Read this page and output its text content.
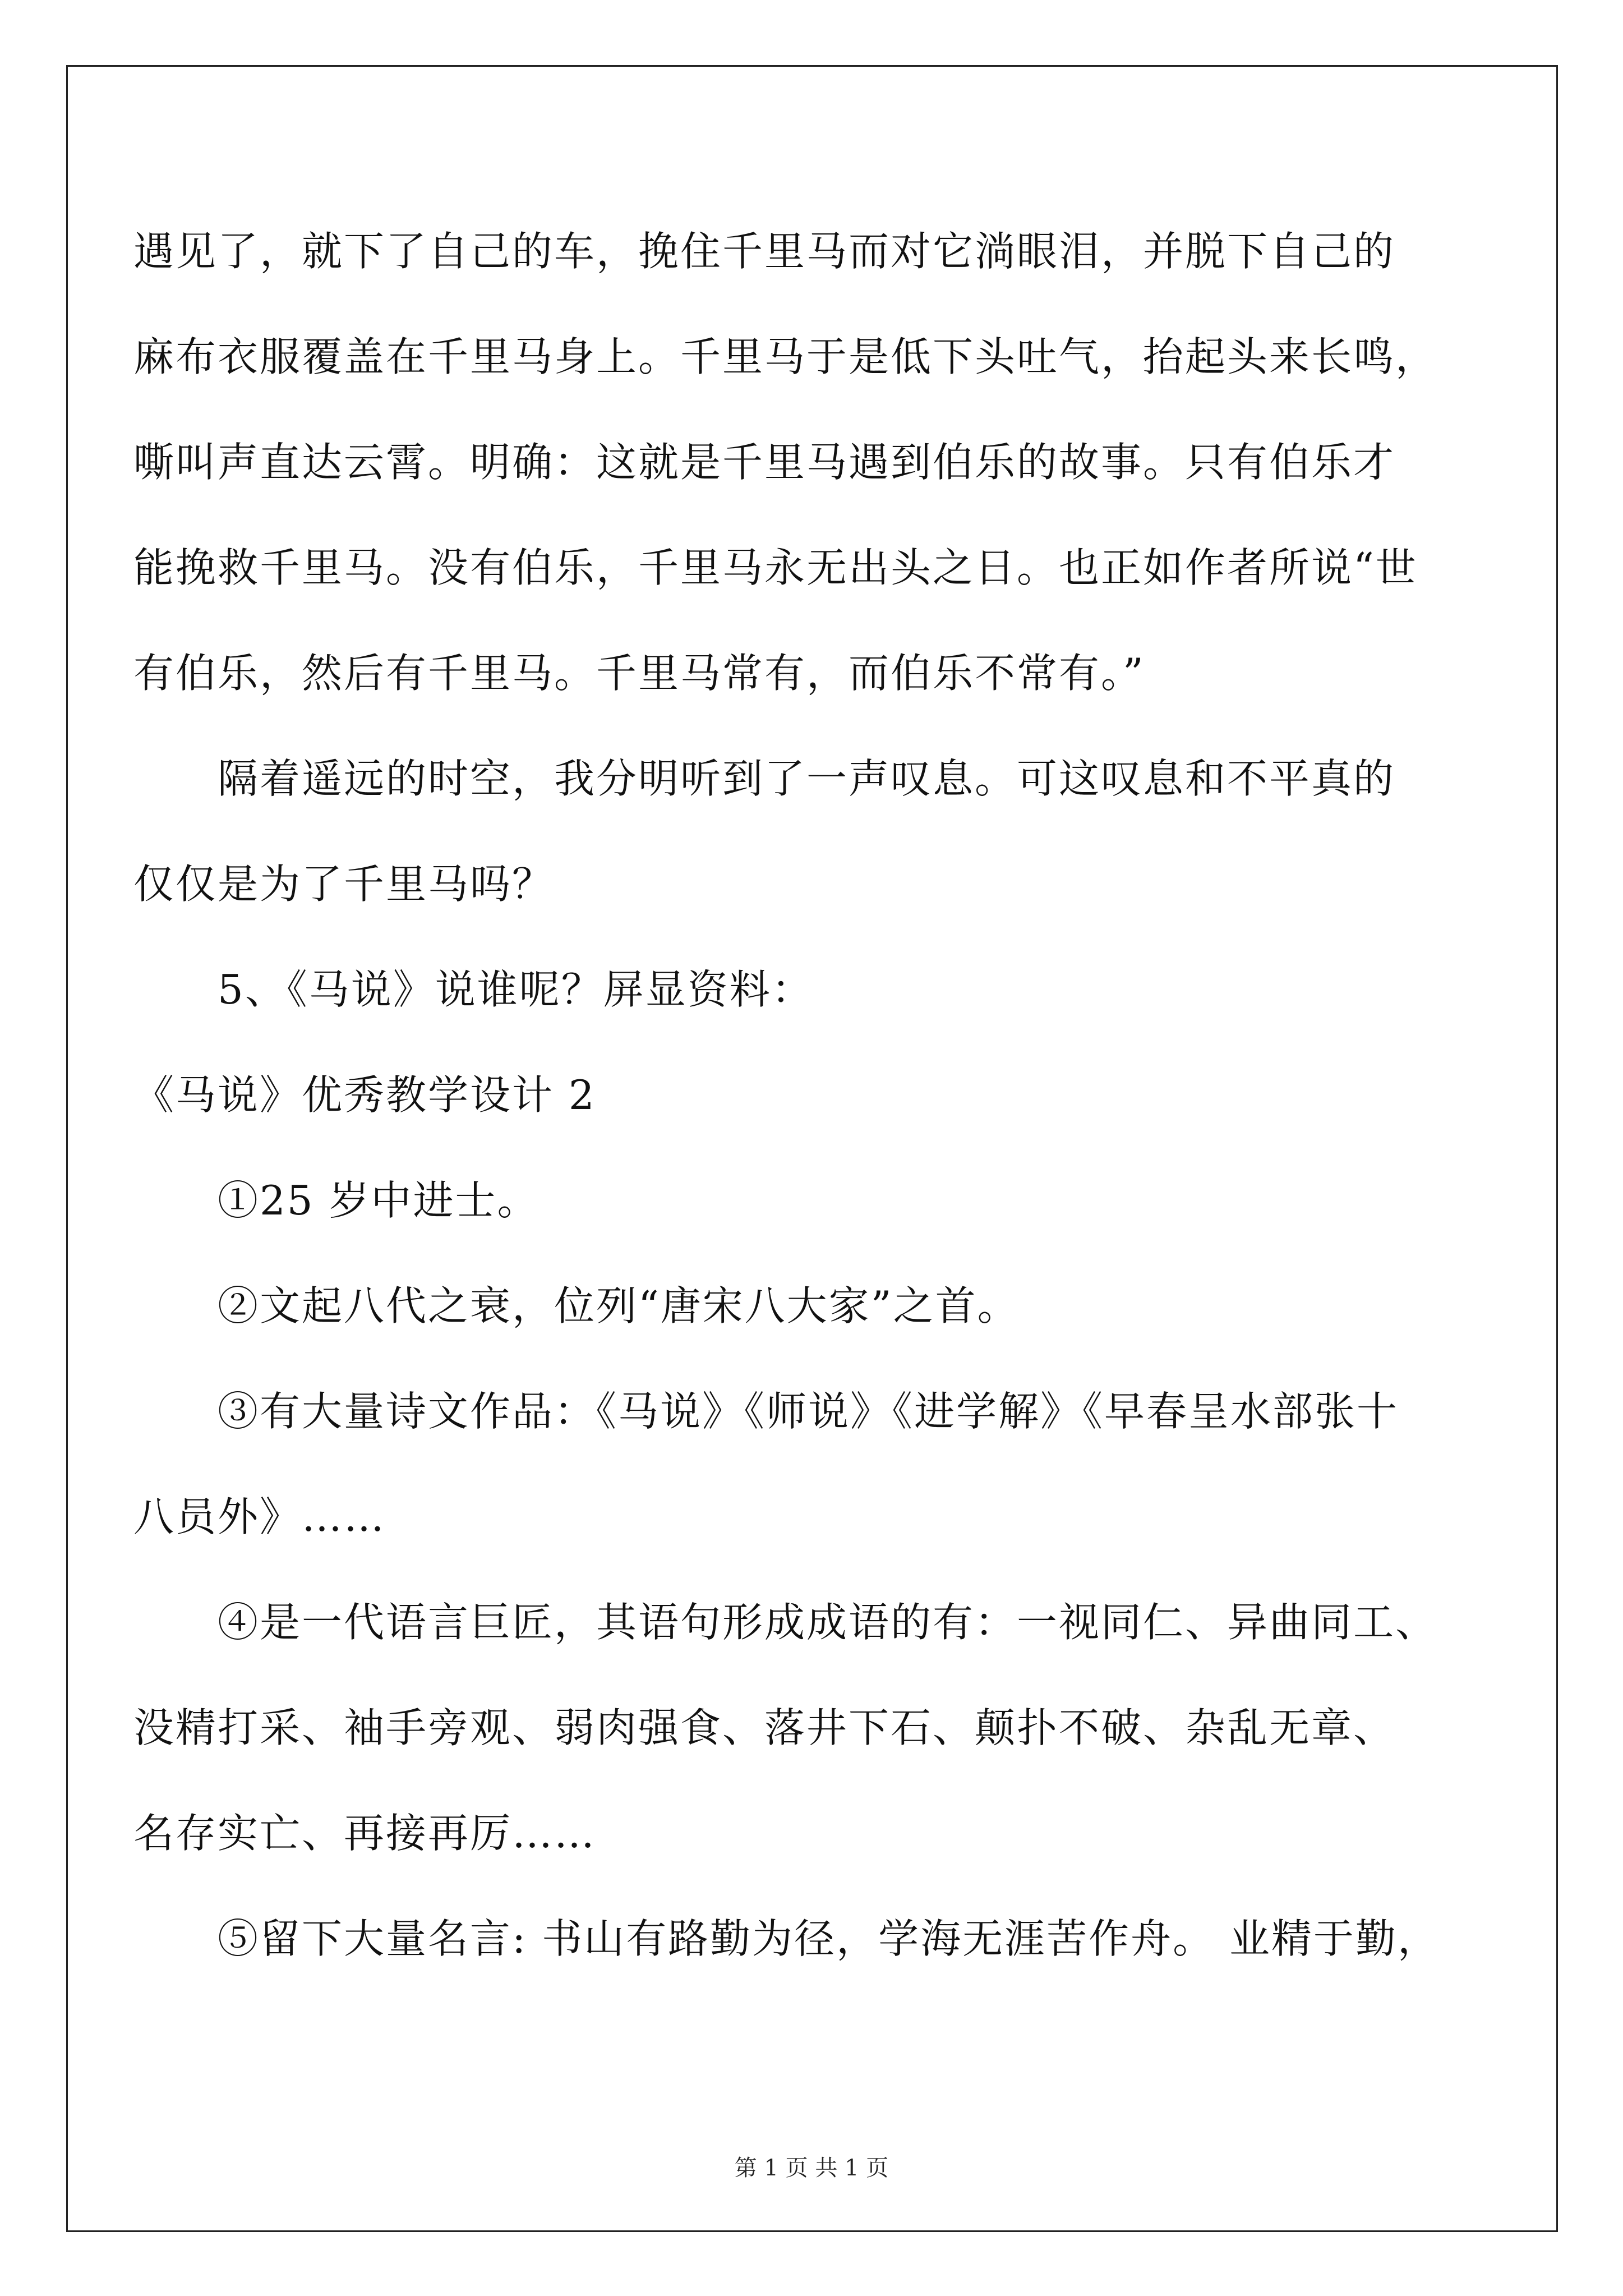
遇见了，就下了自己的车，挽住千里马而对它淌眼泪，并脱下自己的
麻布衣服覆盖在千里马身上。千里马于是低下头吐气，抬起头来长鸣，
嘶叫声直达云霄。明确：这就是千里马遇到伯乐的故事。只有伯乐才
能挽救千里马。没有伯乐，千里马永无出头之日。也正如作者所说“世
有伯乐，然后有千里马。千里马常有，而伯乐不常有。”
隔着遥远的时空，我分明听到了一声叹息。可这叹息和不平真的
仅仅是为了千里马吗？
5、《马说》说谁呢？屏显资料：
《马说》优秀教学设计 2
①25 岁中进士。
②文起八代之衰，位列“唐宋八大家”之首。
③有大量诗文作品：《马说》《师说》《进学解》《早春呈水部张十
八员外》……
④是一代语言巨匠，其语句形成成语的有：一视同仁、异曲同工、
没精打采、袖手旁观、弱肉强食、落井下石、颠扑不破、杂乱无章、
名存实亡、再接再厉……
⑤留下大量名言: 书山有路勤为径，学海无涯苦作舟。 业精于勤，
第 1 页 共 1 页
